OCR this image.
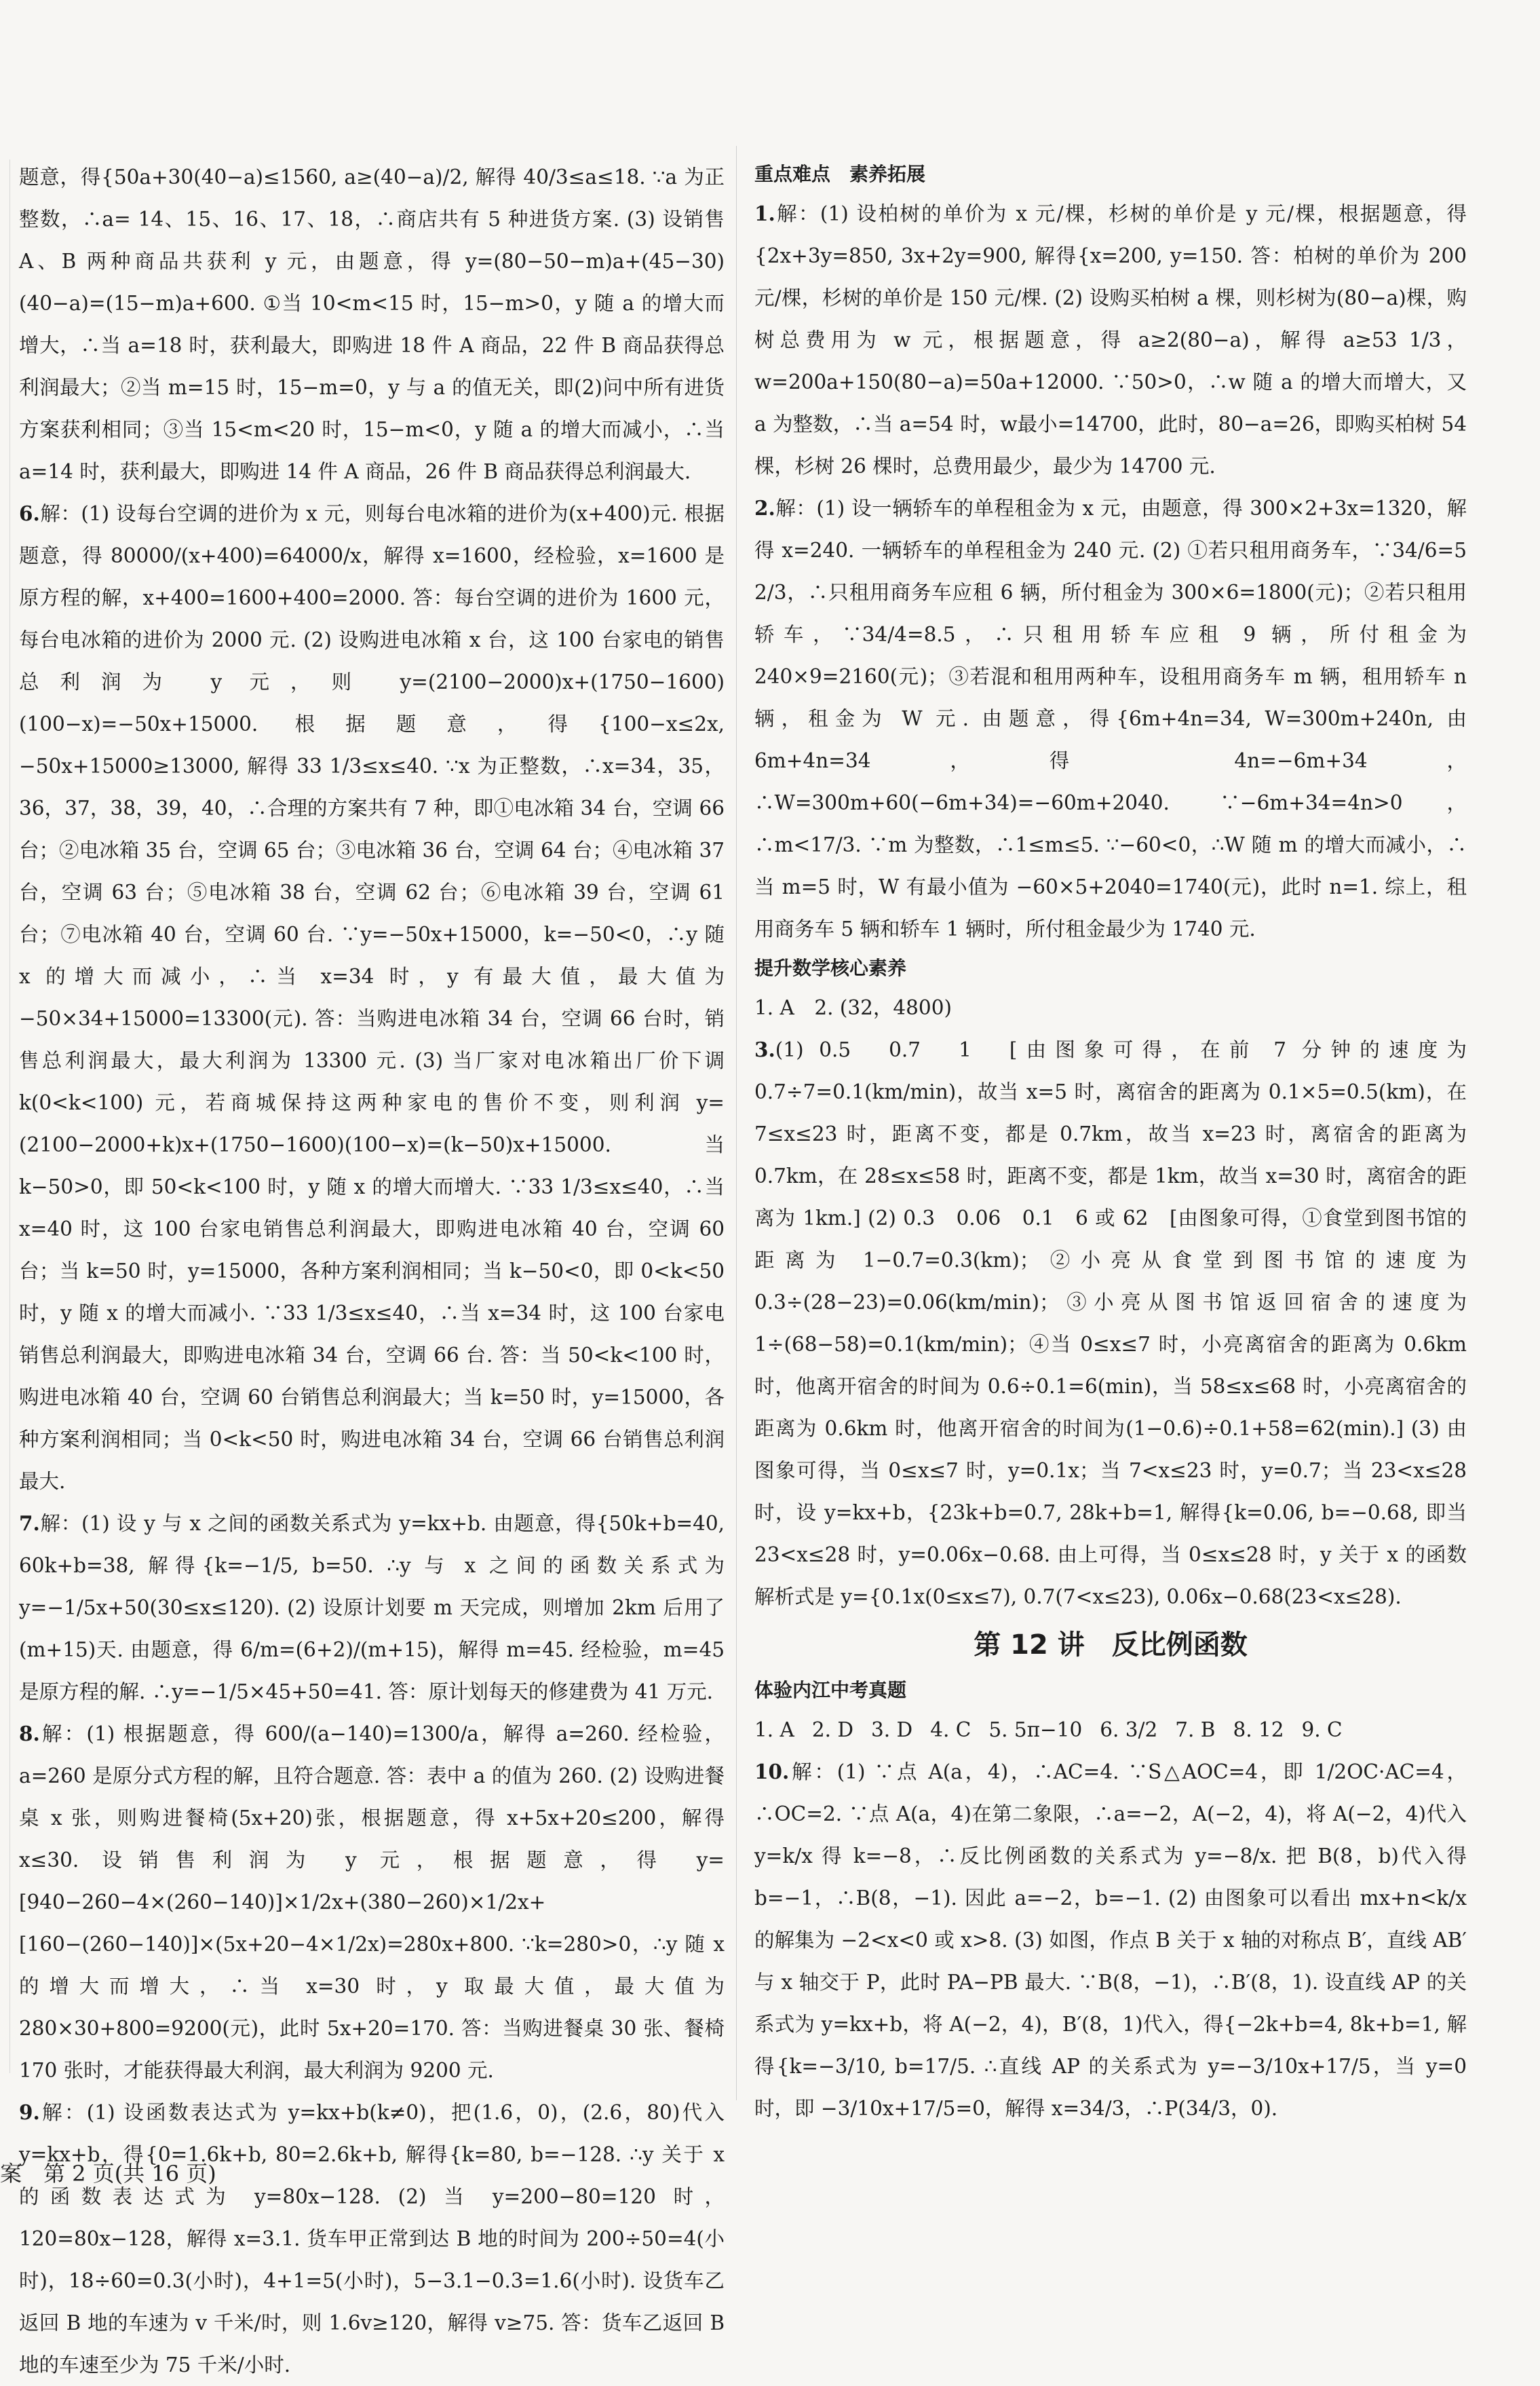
题意，得{50a+30(40−a)≤1560, a≥(40−a)/2, 解得 40/3≤a≤18. ∵a 为正整数，∴a= 14、15、16、17、18，∴商店共有 5 种进货方案. (3) 设销售 A、B 两种商品共获利 y 元，由题意，得 y=(80−50−m)a+(45−30)(40−a)=(15−m)a+600. ①当 10<m<15 时，15−m>0，y 随 a 的增大而增大，∴当 a=18 时，获利最大，即购进 18 件 A 商品，22 件 B 商品获得总利润最大；②当 m=15 时，15−m=0，y 与 a 的值无关，即(2)问中所有进货方案获利相同；③当 15<m<20 时，15−m<0，y 随 a 的增大而减小，∴当 a=14 时，获利最大，即购进 14 件 A 商品，26 件 B 商品获得总利润最大.

6.解：(1) 设每台空调的进价为 x 元，则每台电冰箱的进价为(x+400)元. 根据题意，得 80000/(x+400)=64000/x，解得 x=1600，经检验，x=1600 是原方程的解，x+400=1600+400=2000. 答：每台空调的进价为 1600 元，每台电冰箱的进价为 2000 元. (2) 设购进电冰箱 x 台，这 100 台家电的销售总利润为 y 元，则 y=(2100−2000)x+(1750−1600)(100−x)=−50x+15000. 根据题意，得{100−x≤2x, −50x+15000≥13000, 解得 33 1/3≤x≤40. ∵x 为正整数，∴x=34，35，36，37，38，39，40，∴合理的方案共有 7 种，即①电冰箱 34 台，空调 66 台；②电冰箱 35 台，空调 65 台；③电冰箱 36 台，空调 64 台；④电冰箱 37 台，空调 63 台；⑤电冰箱 38 台，空调 62 台；⑥电冰箱 39 台，空调 61 台；⑦电冰箱 40 台，空调 60 台. ∵y=−50x+15000，k=−50<0，∴y 随 x 的增大而减小，∴当 x=34 时，y 有最大值，最大值为 −50×34+15000=13300(元). 答：当购进电冰箱 34 台，空调 66 台时，销售总利润最大，最大利润为 13300 元. (3) 当厂家对电冰箱出厂价下调 k(0<k<100) 元，若商城保持这两种家电的售价不变，则利润 y=(2100−2000+k)x+(1750−1600)(100−x)=(k−50)x+15000. 当 k−50>0，即 50<k<100 时，y 随 x 的增大而增大. ∵33 1/3≤x≤40，∴当 x=40 时，这 100 台家电销售总利润最大，即购进电冰箱 40 台，空调 60 台；当 k=50 时，y=15000，各种方案利润相同；当 k−50<0，即 0<k<50 时，y 随 x 的增大而减小. ∵33 1/3≤x≤40，∴当 x=34 时，这 100 台家电销售总利润最大，即购进电冰箱 34 台，空调 66 台. 答：当 50<k<100 时，购进电冰箱 40 台，空调 60 台销售总利润最大；当 k=50 时，y=15000，各种方案利润相同；当 0<k<50 时，购进电冰箱 34 台，空调 66 台销售总利润最大.

7.解：(1) 设 y 与 x 之间的函数关系式为 y=kx+b. 由题意，得{50k+b=40, 60k+b=38, 解得{k=−1/5, b=50. ∴y 与 x 之间的函数关系式为 y=−1/5x+50(30≤x≤120). (2) 设原计划要 m 天完成，则增加 2km 后用了(m+15)天. 由题意，得 6/m=(6+2)/(m+15)，解得 m=45. 经检验，m=45 是原方程的解. ∴y=−1/5×45+50=41. 答：原计划每天的修建费为 41 万元.

8.解：(1) 根据题意，得 600/(a−140)=1300/a，解得 a=260. 经检验，a=260 是原分式方程的解，且符合题意. 答：表中 a 的值为 260. (2) 设购进餐桌 x 张，则购进餐椅(5x+20)张，根据题意，得 x+5x+20≤200，解得 x≤30. 设销售利润为 y 元，根据题意，得 y=[940−260−4×(260−140)]×1/2x+(380−260)×1/2x+[160−(260−140)]×(5x+20−4×1/2x)=280x+800. ∵k=280>0，∴y 随 x 的增大而增大，∴当 x=30 时，y 取最大值，最大值为 280×30+800=9200(元)，此时 5x+20=170. 答：当购进餐桌 30 张、餐椅 170 张时，才能获得最大利润，最大利润为 9200 元.

9.解：(1) 设函数表达式为 y=kx+b(k≠0)，把(1.6，0)，(2.6，80)代入 y=kx+b，得{0=1.6k+b, 80=2.6k+b, 解得{k=80, b=−128. ∴y 关于 x 的函数表达式为 y=80x−128. (2) 当 y=200−80=120 时，120=80x−128，解得 x=3.1. 货车甲正常到达 B 地的时间为 200÷50=4(小时)，18÷60=0.3(小时)，4+1=5(小时)，5−3.1−0.3=1.6(小时). 设货车乙返回 B 地的车速为 v 千米/时，则 1.6v≥120，解得 v≥75. 答：货车乙返回 B 地的车速至少为 75 千米/小时.

重点难点　素养拓展

1.解：(1) 设柏树的单价为 x 元/棵，杉树的单价是 y 元/棵，根据题意，得{2x+3y=850, 3x+2y=900, 解得{x=200, y=150. 答：柏树的单价为 200 元/棵，杉树的单价是 150 元/棵. (2) 设购买柏树 a 棵，则杉树为(80−a)棵，购树总费用为 w 元，根据题意，得 a≥2(80−a)，解得 a≥53 1/3，w=200a+150(80−a)=50a+12000. ∵50>0，∴w 随 a 的增大而增大，又 a 为整数，∴当 a=54 时，w最小=14700，此时，80−a=26，即购买柏树 54 棵，杉树 26 棵时，总费用最少，最少为 14700 元.

2.解：(1) 设一辆轿车的单程租金为 x 元，由题意，得 300×2+3x=1320，解得 x=240. 一辆轿车的单程租金为 240 元. (2) ①若只租用商务车，∵34/6=5 2/3，∴只租用商务车应租 6 辆，所付租金为 300×6=1800(元)；②若只租用轿车，∵34/4=8.5，∴只租用轿车应租 9 辆，所付租金为 240×9=2160(元)；③若混和租用两种车，设租用商务车 m 辆，租用轿车 n 辆，租金为 W 元. 由题意，得{6m+4n=34, W=300m+240n, 由 6m+4n=34，得 4n=−6m+34，∴W=300m+60(−6m+34)=−60m+2040. ∵−6m+34=4n>0，∴m<17/3. ∵m 为整数，∴1≤m≤5. ∵−60<0，∴W 随 m 的增大而减小，∴当 m=5 时，W 有最小值为 −60×5+2040=1740(元)，此时 n=1. 综上，租用商务车 5 辆和轿车 1 辆时，所付租金最少为 1740 元.

提升数学核心素养

1. A　2. (32，4800)

3.(1) 0.5　0.7　1　[由图象可得，在前 7 分钟的速度为 0.7÷7=0.1(km/min)，故当 x=5 时，离宿舍的距离为 0.1×5=0.5(km)，在 7≤x≤23 时，距离不变，都是 0.7km，故当 x=23 时，离宿舍的距离为 0.7km，在 28≤x≤58 时，距离不变，都是 1km，故当 x=30 时，离宿舍的距离为 1km.] (2) 0.3　0.06　0.1　6 或 62　[由图象可得，①食堂到图书馆的距离为 1−0.7=0.3(km)；②小亮从食堂到图书馆的速度为 0.3÷(28−23)=0.06(km/min)；③小亮从图书馆返回宿舍的速度为 1÷(68−58)=0.1(km/min)；④当 0≤x≤7 时，小亮离宿舍的距离为 0.6km 时，他离开宿舍的时间为 0.6÷0.1=6(min)，当 58≤x≤68 时，小亮离宿舍的距离为 0.6km 时，他离开宿舍的时间为(1−0.6)÷0.1+58=62(min).] (3) 由图象可得，当 0≤x≤7 时，y=0.1x；当 7<x≤23 时，y=0.7；当 23<x≤28 时，设 y=kx+b，{23k+b=0.7, 28k+b=1, 解得{k=0.06, b=−0.68, 即当 23<x≤28 时，y=0.06x−0.68. 由上可得，当 0≤x≤28 时，y 关于 x 的函数解析式是 y={0.1x(0≤x≤7), 0.7(7<x≤23), 0.06x−0.68(23<x≤28).

第 12 讲　反比例函数
体验内江中考真题
1. A 2. D 3. D 4. C 5. 5π−10 6. 3/2 7. B 8. 12 9. C

10.解：(1) ∵点 A(a，4)，∴AC=4. ∵S△AOC=4，即 1/2OC·AC=4，∴OC=2. ∵点 A(a，4)在第二象限，∴a=−2，A(−2，4)，将 A(−2，4)代入 y=k/x 得 k=−8，∴反比例函数的关系式为 y=−8/x. 把 B(8，b)代入得 b=−1，∴B(8，−1). 因此 a=−2，b=−1. (2) 由图象可以看出 mx+n<k/x 的解集为 −2<x<0 或 x>8. (3) 如图，作点 B 关于 x 轴的对称点 B′，直线 AB′与 x 轴交于 P，此时 PA−PB 最大. ∵B(8，−1)，∴B′(8，1). 设直线 AP 的关系式为 y=kx+b，将 A(−2，4)，B′(8，1)代入，得{−2k+b=4, 8k+b=1, 解得{k=−3/10, b=17/5. ∴直线 AP 的关系式为 y=−3/10x+17/5，当 y=0 时，即 −3/10x+17/5=0，解得 x=34/3，∴P(34/3，0).

案　第 2 页(共 16 页)
